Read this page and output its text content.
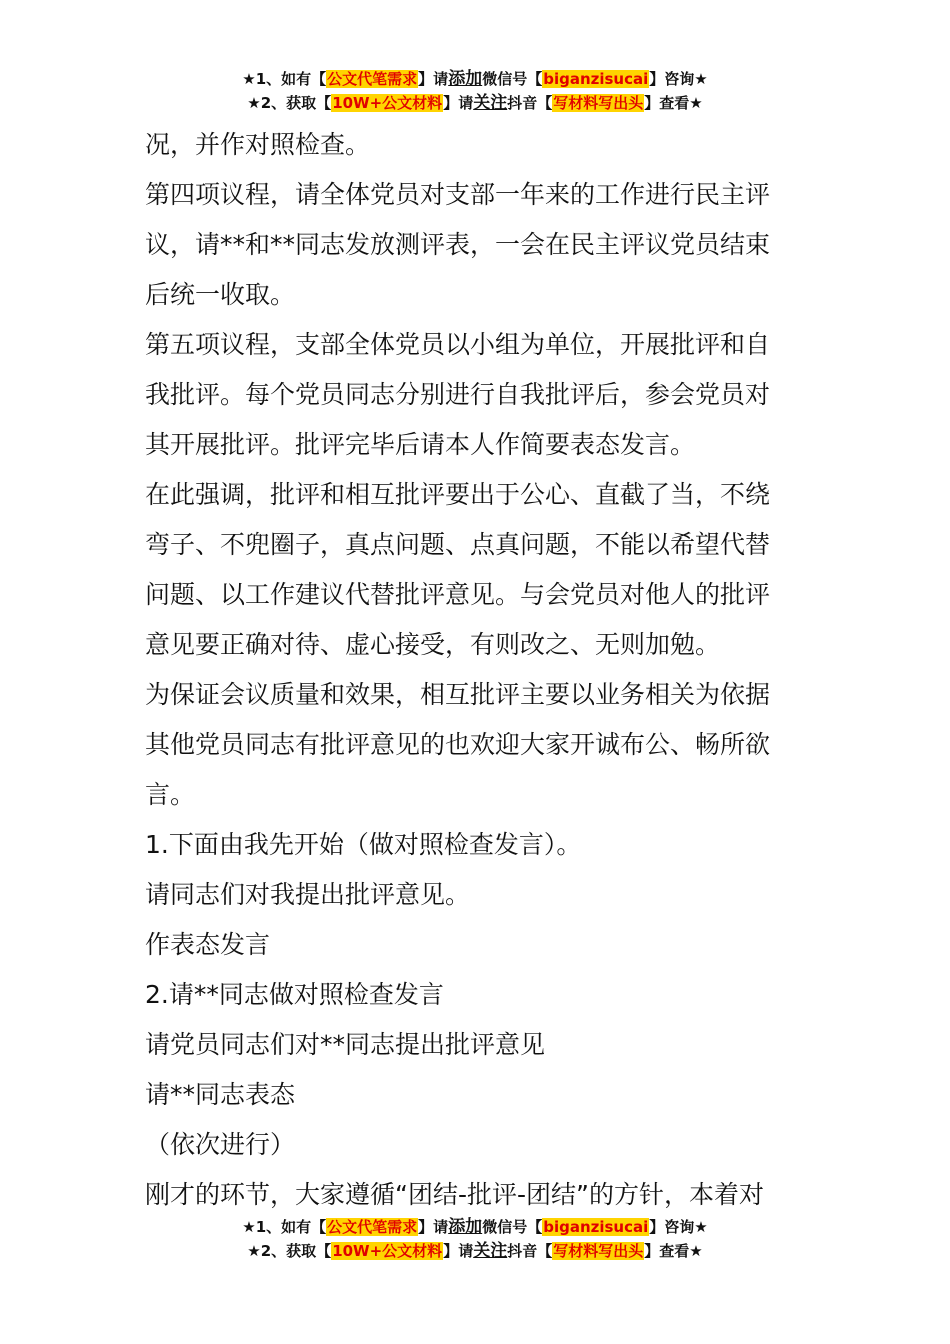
★1、如有【公文代笔需求】请添加微信号【biganzisucai】咨询★
★2、获取【10W+公文材料】请关注抖音【写材料写出头】查看★

况，并作对照检查。

第四项议程，请全体党员对支部一年来的工作进行民主评

议，请**和**同志发放测评表，一会在民主评议党员结束

后统一收取。

第五项议程，支部全体党员以小组为单位，开展批评和自

我批评。每个党员同志分别进行自我批评后，参会党员对

其开展批评。批评完毕后请本人作简要表态发言。

在此强调，批评和相互批评要出于公心、直截了当，不绕

弯子、不兜圈子，真点问题、点真问题，不能以希望代替

问题、以工作建议代替批评意见。与会党员对他人的批评

意见要正确对待、虚心接受，有则改之、无则加勉。

为保证会议质量和效果，相互批评主要以业务相关为依据

其他党员同志有批评意见的也欢迎大家开诚布公、畅所欲

言。

1.下面由我先开始（做对照检查发言）。

请同志们对我提出批评意见。

作表态发言

2.请**同志做对照检查发言

请党员同志们对**同志提出批评意见

请**同志表态

（依次进行）

刚才的环节，大家遵循“团结-批评-团结”的方针，本着对

★1、如有【公文代笔需求】请添加微信号【biganzisucai】咨询★
★2、获取【10W+公文材料】请关注抖音【写材料写出头】查看★
